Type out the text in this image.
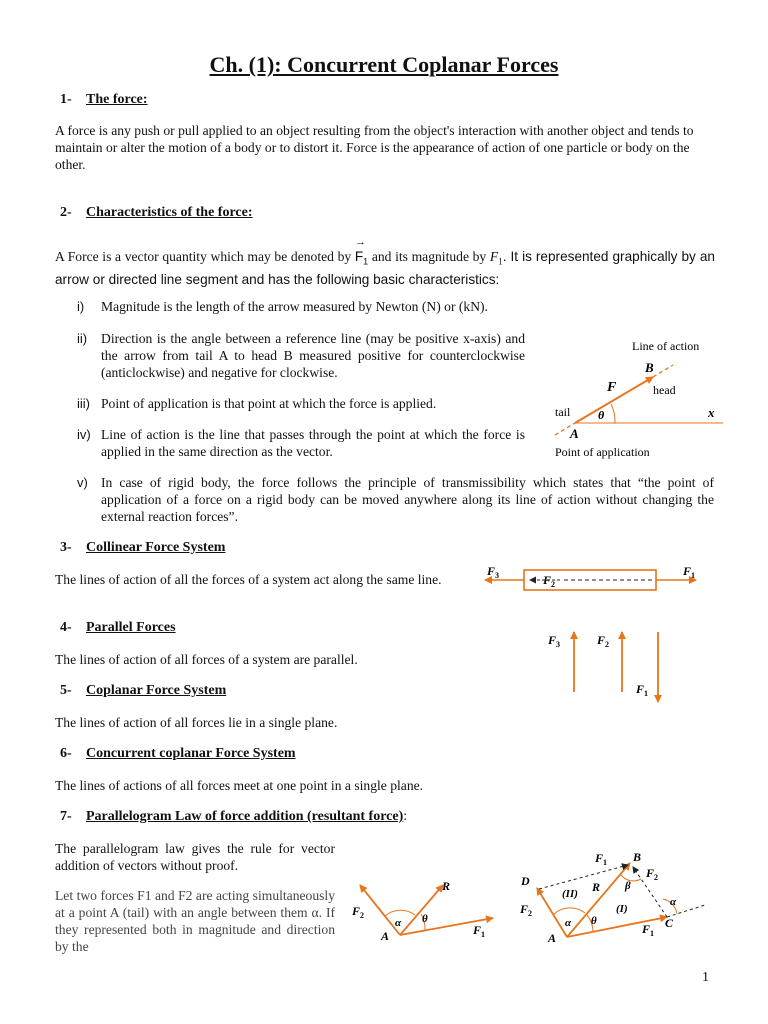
Ch. (1): Concurrent Coplanar Forces
1- The force:
A force is any push or pull applied to an object resulting from the object's interaction with another object and tends to maintain or alter the motion of a body or to distort it. Force is the appearance of action of one particle or body on the other.
2- Characteristics of the force:
A Force is a vector quantity which may be denoted by
→
$F_1$ and its magnitude by $F_1$. It is represented graphically by an arrow or directed line segment and has the following basic characteristics:
i) Magnitude is the length of the arrow measured by Newton (N) or (kN).
ii) Direction is the angle between a reference line (may be positive x-axis) and the arrow from tail A to head B measured positive for counterclockwise (anticlockwise) and negative for clockwise.
iii) Point of application is that point at which the force is applied.
iv) Line of action is the line that passes through the point at which the force is applied in the same direction as the vector.
v) In case of rigid body, the force follows the principle of transmissibility which states that “the point of application of a force on a rigid body can be moved anywhere along its line of action without changing the external reaction forces”.
Line of action
B
F	head
tail θ	x
A
Point of application
3- Collinear Force System
The lines of action of all the forces of a system act along the same line.
$F_3$	$F_2$
$F_1$
4- Parallel Forces
The lines of action of all forces of a system are parallel.
$F_3$	$F_2$
$F_1$
5- Coplanar Force System
The lines of action of all forces lie in a single plane.
6- Concurrent coplanar Force System
The lines of actions of all forces meet at one point in a single plane.
7- Parallelogram Law of force addition (resultant force):
The parallelogram law gives the rule for vector addition of vectors without proof.
Let two forces F1 and F2 are acting simultaneously at a point A (tail) with an angle between them α. If they represented both in magnitude and direction by the
$F_2$
R
α θ
A	$F_1$
$F_1$ B
D
(II) R β
$F_2$
$F_2$	(I)
α
α θ
A
$F_1$
C
1
